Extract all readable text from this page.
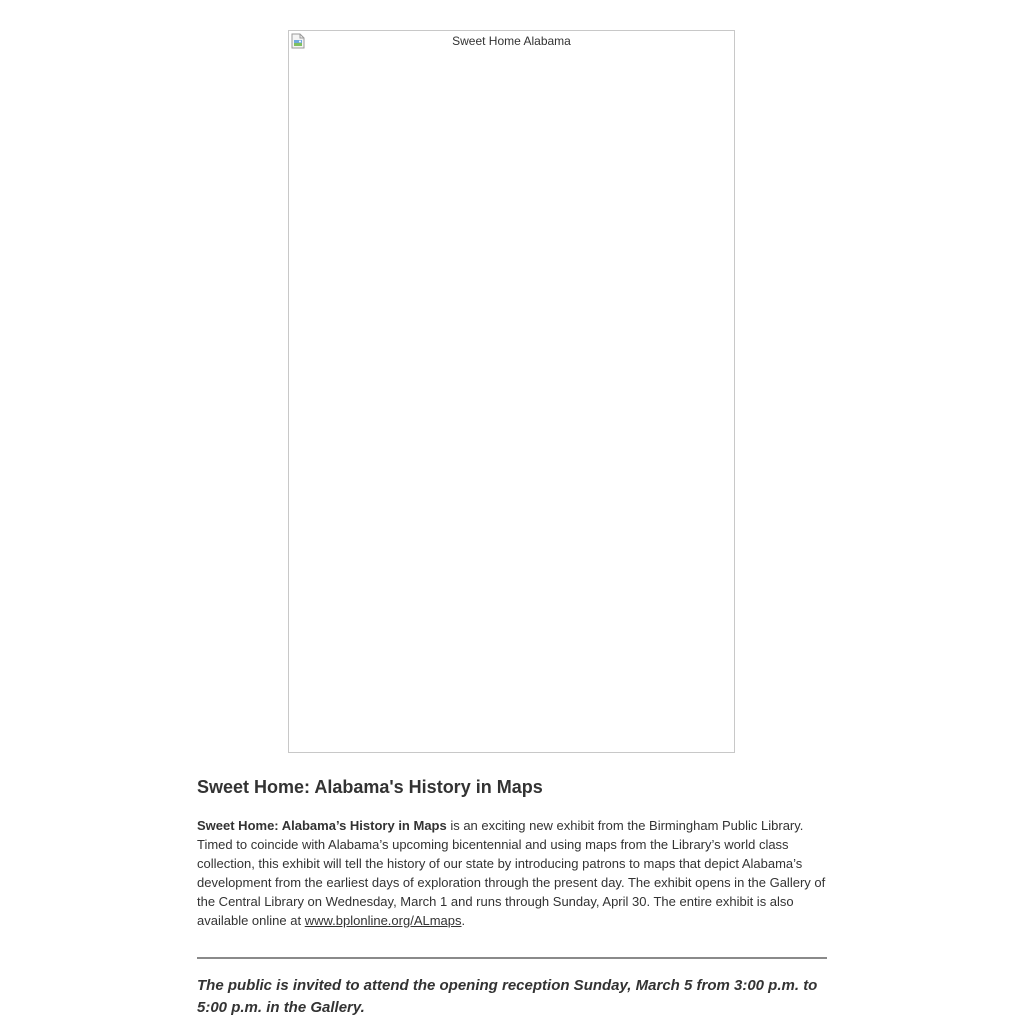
Sweet Home Alabama
Sweet Home: Alabama's History in Maps

Sweet Home: Alabama’s History in Maps is an exciting new exhibit from the Birmingham Public Library. Timed to coincide with Alabama’s upcoming bicentennial and using maps from the Library’s world class collection, this exhibit will tell the history of our state by introducing patrons to maps that depict Alabama’s development from the earliest days of exploration through the present day. The exhibit opens in the Gallery of the Central Library on Wednesday, March 1 and runs through Sunday, April 30. The entire exhibit is also available online at www.bplonline.org/ALmaps.

The public is invited to attend the opening reception Sunday, March 5 from 3:00 p.m. to 5:00 p.m. in the Gallery.
